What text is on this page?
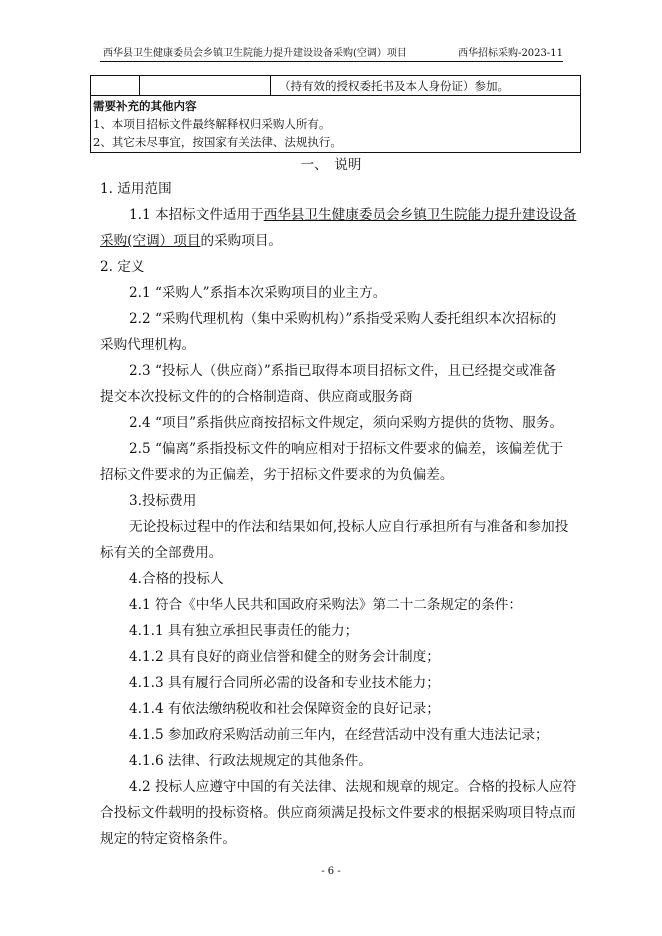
西华县卫生健康委员会乡镇卫生院能力提升建设设备采购(空调）项目	西华招标采购-2023-11
		（持有效的授权委托书及本人身份证）参加。

需要补充的其他内容
1、本项目招标文件最终解释权归采购人所有。
2、其它未尽事宜，按国家有关法律、法规执行。
一、　说明

1. 适用范围

1.1 本招标文件适用于西华县卫生健康委员会乡镇卫生院能力提升建设设备

采购(空调）项目的采购项目。

2. 定义

2.1 “采购人”系指本次采购项目的业主方。

2.2 “采购代理机构（集中采购机构）”系指受采购人委托组织本次招标的

采购代理机构。

2.3 “投标人（供应商）”系指已取得本项目招标文件，且已经提交或准备

提交本次投标文件的的合格制造商、供应商或服务商

2.4 “项目”系指供应商按招标文件规定，须向采购方提供的货物、服务。

2.5 “偏离”系指投标文件的响应相对于招标文件要求的偏差，该偏差优于

招标文件要求的为正偏差，劣于招标文件要求的为负偏差。

3.投标费用

无论投标过程中的作法和结果如何,投标人应自行承担所有与准备和参加投

标有关的全部费用。

4.合格的投标人

4.1 符合《中华人民共和国政府采购法》第二十二条规定的条件：

4.1.1 具有独立承担民事责任的能力；

4.1.2 具有良好的商业信誉和健全的财务会计制度；

4.1.3 具有履行合同所必需的设备和专业技术能力；

4.1.4 有依法缴纳税收和社会保障资金的良好记录；

4.1.5 参加政府采购活动前三年内，在经营活动中没有重大违法记录；

4.1.6 法律、行政法规规定的其他条件。

4.2 投标人应遵守中国的有关法律、法规和规章的规定。合格的投标人应符

合投标文件载明的投标资格。供应商须满足投标文件要求的根据采购项目特点而

规定的特定资格条件。

- 6 -
